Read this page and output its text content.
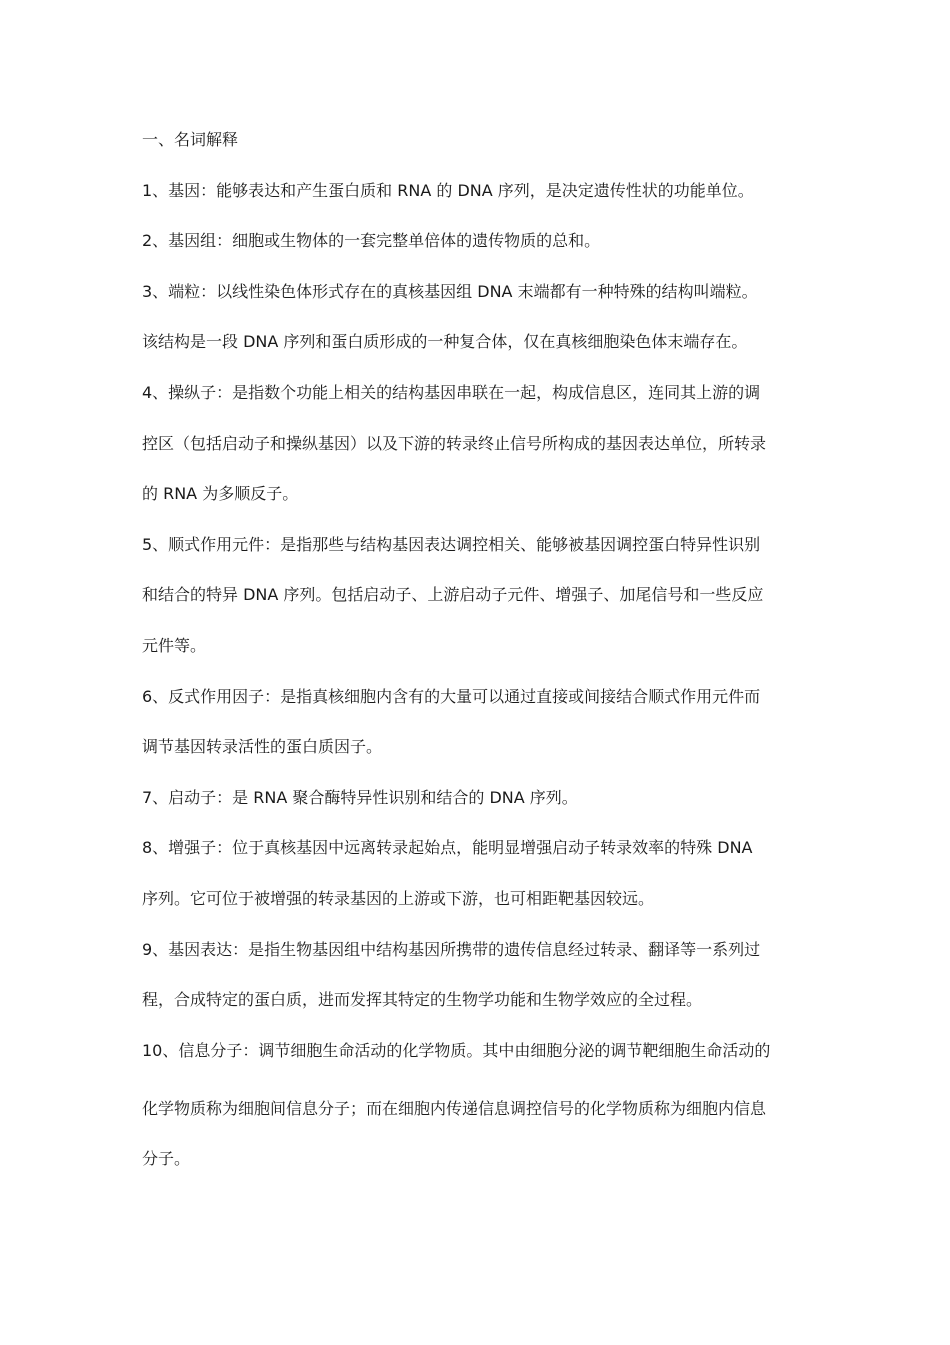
一、名词解释
1、基因：能够表达和产生蛋白质和 RNA 的 DNA 序列，是决定遗传性状的功能单位。
2、基因组：细胞或生物体的一套完整单倍体的遗传物质的总和。
3、端粒：以线性染色体形式存在的真核基因组 DNA 末端都有一种特殊的结构叫端粒。
该结构是一段 DNA 序列和蛋白质形成的一种复合体，仅在真核细胞染色体末端存在。
4、操纵子：是指数个功能上相关的结构基因串联在一起，构成信息区，连同其上游的调
控区（包括启动子和操纵基因）以及下游的转录终止信号所构成的基因表达单位，所转录
的 RNA 为多顺反子。
5、顺式作用元件：是指那些与结构基因表达调控相关、能够被基因调控蛋白特异性识别
和结合的特异 DNA 序列。包括启动子、上游启动子元件、增强子、加尾信号和一些反应
元件等。
6、反式作用因子：是指真核细胞内含有的大量可以通过直接或间接结合顺式作用元件而
调节基因转录活性的蛋白质因子。
7、启动子：是 RNA 聚合酶特异性识别和结合的 DNA 序列。
8、增强子：位于真核基因中远离转录起始点，能明显增强启动子转录效率的特殊 DNA
序列。它可位于被增强的转录基因的上游或下游，也可相距靶基因较远。
9、基因表达：是指生物基因组中结构基因所携带的遗传信息经过转录、翻译等一系列过
程，合成特定的蛋白质，进而发挥其特定的生物学功能和生物学效应的全过程。
10、信息分子：调节细胞生命活动的化学物质。其中由细胞分泌的调节靶细胞生命活动的
化学物质称为细胞间信息分子；而在细胞内传递信息调控信号的化学物质称为细胞内信息
分子。
